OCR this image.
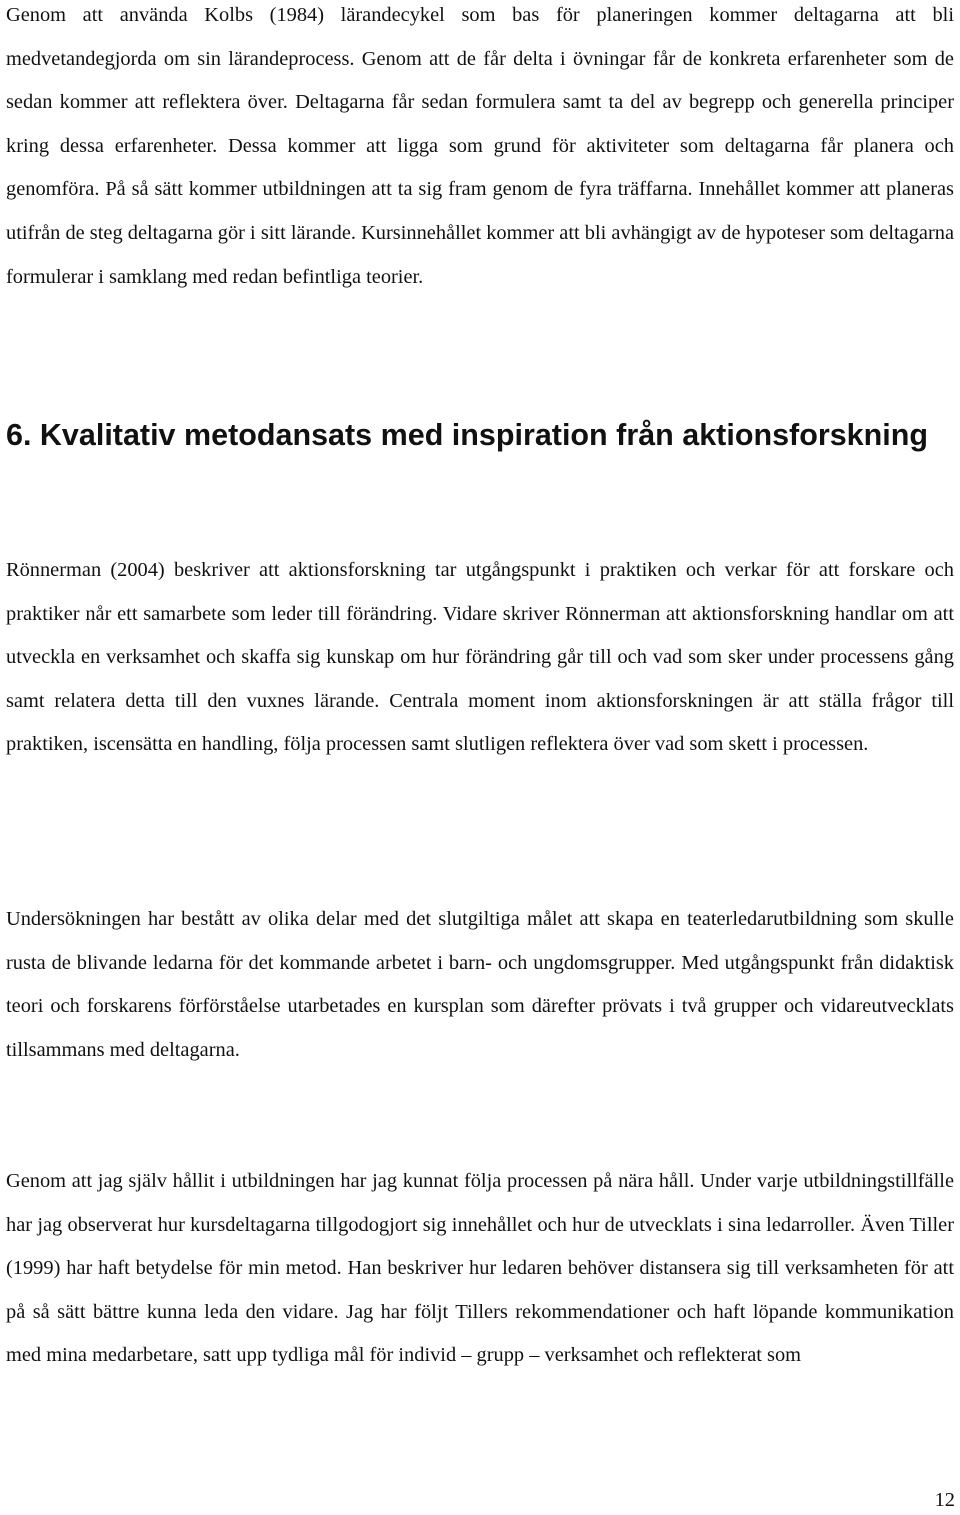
Genom att använda Kolbs (1984) lärandecykel som bas för planeringen kommer deltagarna att bli medvetandegjorda om sin lärandeprocess. Genom att de får delta i övningar får de konkreta erfarenheter som de sedan kommer att reflektera över. Deltagarna får sedan formulera samt ta del av begrepp och generella principer kring dessa erfarenheter. Dessa kommer att ligga som grund för aktiviteter som deltagarna får planera och genomföra. På så sätt kommer utbildningen att ta sig fram genom de fyra träffarna. Innehållet kommer att planeras utifrån de steg deltagarna gör i sitt lärande. Kursinnehållet kommer att bli avhängigt av de hypoteser som deltagarna formulerar i samklang med redan befintliga teorier.

6. Kvalitativ metodansats med inspiration från aktionsforskning

Rönnerman (2004) beskriver att aktionsforskning tar utgångspunkt i praktiken och verkar för att forskare och praktiker når ett samarbete som leder till förändring. Vidare skriver Rönnerman att aktionsforskning handlar om att utveckla en verksamhet och skaffa sig kunskap om hur förändring går till och vad som sker under processens gång samt relatera detta till den vuxnes lärande. Centrala moment inom aktionsforskningen är att ställa frågor till praktiken, iscensätta en handling, följa processen samt slutligen reflektera över vad som skett i processen.

Undersökningen har bestått av olika delar med det slutgiltiga målet att skapa en teaterledarutbildning som skulle rusta de blivande ledarna för det kommande arbetet i barn- och ungdomsgrupper. Med utgångspunkt från didaktisk teori och forskarens förförståelse utarbetades en kursplan som därefter prövats i två grupper och vidareutvecklats tillsammans med deltagarna.

Genom att jag själv hållit i utbildningen har jag kunnat följa processen på nära håll. Under varje utbildningstillfälle har jag observerat hur kursdeltagarna tillgodogjort sig innehållet och hur de utvecklats i sina ledarroller. Även Tiller (1999) har haft betydelse för min metod. Han beskriver hur ledaren behöver distansera sig till verksamheten för att på så sätt bättre kunna leda den vidare. Jag har följt Tillers rekommendationer och haft löpande kommunikation med mina medarbetare, satt upp tydliga mål för individ – grupp – verksamhet och reflekterat som

12
